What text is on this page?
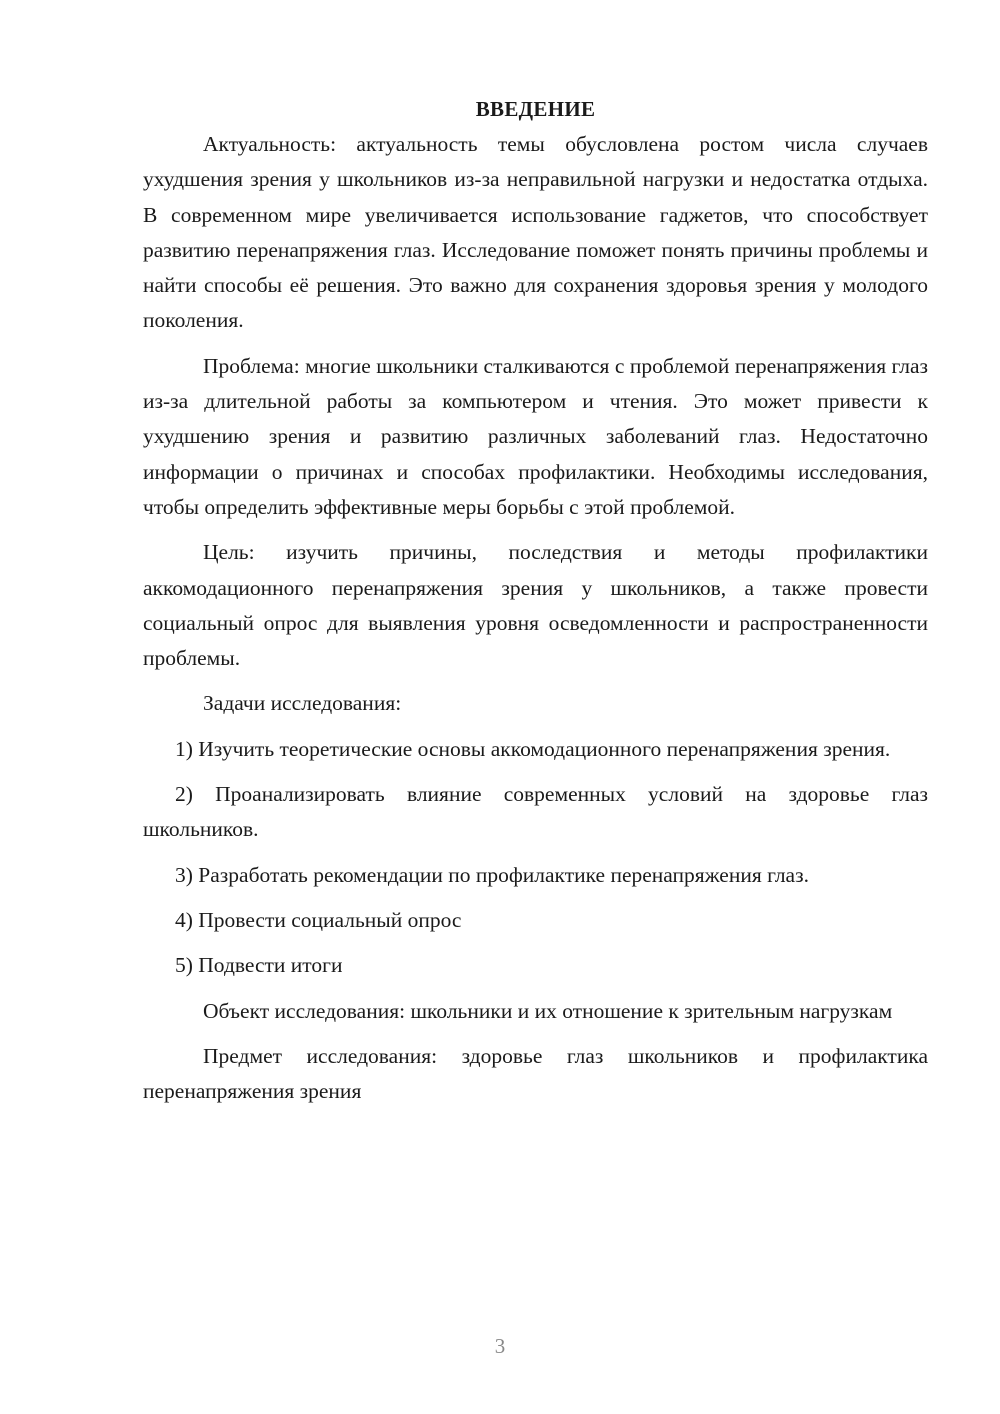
ВВЕДЕНИЕ

Актуальность: актуальность темы обусловлена ростом числа случаев ухудшения зрения у школьников из-за неправильной нагрузки и недостатка отдыха. В современном мире увеличивается использование гаджетов, что способствует развитию перенапряжения глаз. Исследование поможет понять причины проблемы и найти способы её решения. Это важно для сохранения здоровья зрения у молодого поколения.

Проблема: многие школьники сталкиваются с проблемой перенапряжения глаз из-за длительной работы за компьютером и чтения. Это может привести к ухудшению зрения и развитию различных заболеваний глаз. Недостаточно информации о причинах и способах профилактики. Необходимы исследования, чтобы определить эффективные меры борьбы с этой проблемой.

Цель: изучить причины, последствия и методы профилактики аккомодационного перенапряжения зрения у школьников, а также провести социальный опрос для выявления уровня осведомленности и распространенности проблемы.

Задачи исследования:

1) Изучить теоретические основы аккомодационного перенапряжения зрения.

2) Проанализировать влияние современных условий на здоровье глаз школьников.

3) Разработать рекомендации по профилактике перенапряжения глаз.

4) Провести социальный опрос

5) Подвести итоги

Объект исследования: школьники и их отношение к зрительным нагрузкам

Предмет исследования: здоровье глаз школьников и профилактика перенапряжения зрения

3
